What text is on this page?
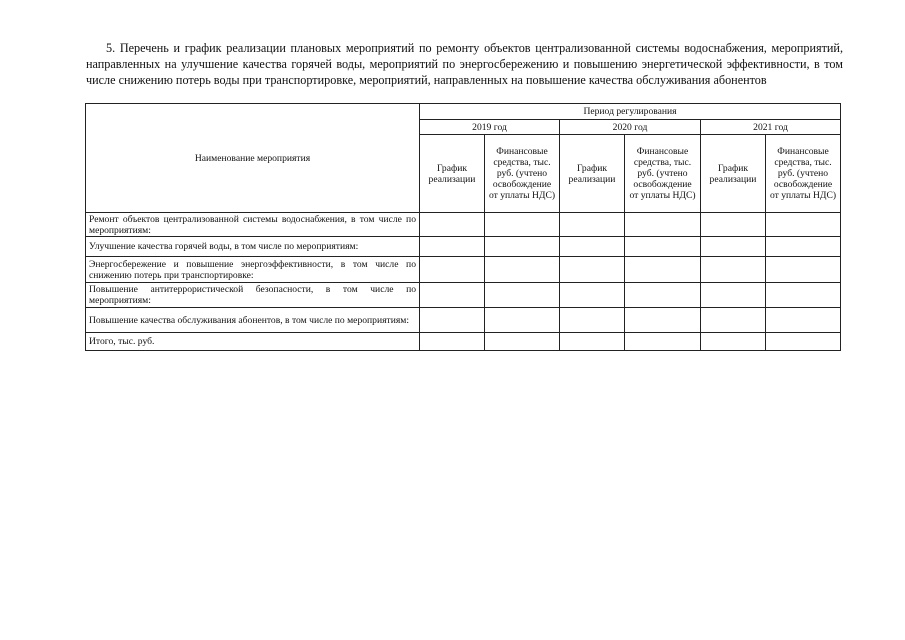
5. Перечень и график реализации плановых мероприятий по ремонту объектов централизованной системы водоснабжения, мероприятий, направленных на улучшение качества горячей воды, мероприятий по энергосбережению и повышению энергетической эффективности, в том числе снижению потерь воды при транспортировке, мероприятий, направленных на повышение качества обслуживания абонентов

Наименование мероприятия	Период регулирования					
	2019 год		2020 год		2021 год	
	График реализации	Финансовые средства, тыс. руб. (учтено освобождение от уплаты НДС)	График реализации	Финансовые средства, тыс. руб. (учтено освобождение от уплаты НДС)	График реализации	Финансовые средства, тыс. руб. (учтено освобождение от уплаты НДС)
Ремонт объектов централизованной системы водоснабжения, в том числе по мероприятиям:						
Улучшение качества горячей воды, в том числе по мероприятиям:						
Энергосбережение и повышение энергоэффективности, в том числе по снижению потерь при транспортировке:						
Повышение антитеррористической безопасности, в том числе по мероприятиям:						
Повышение качества обслуживания абонентов, в том числе по мероприятиям:						
Итого, тыс. руб.						
